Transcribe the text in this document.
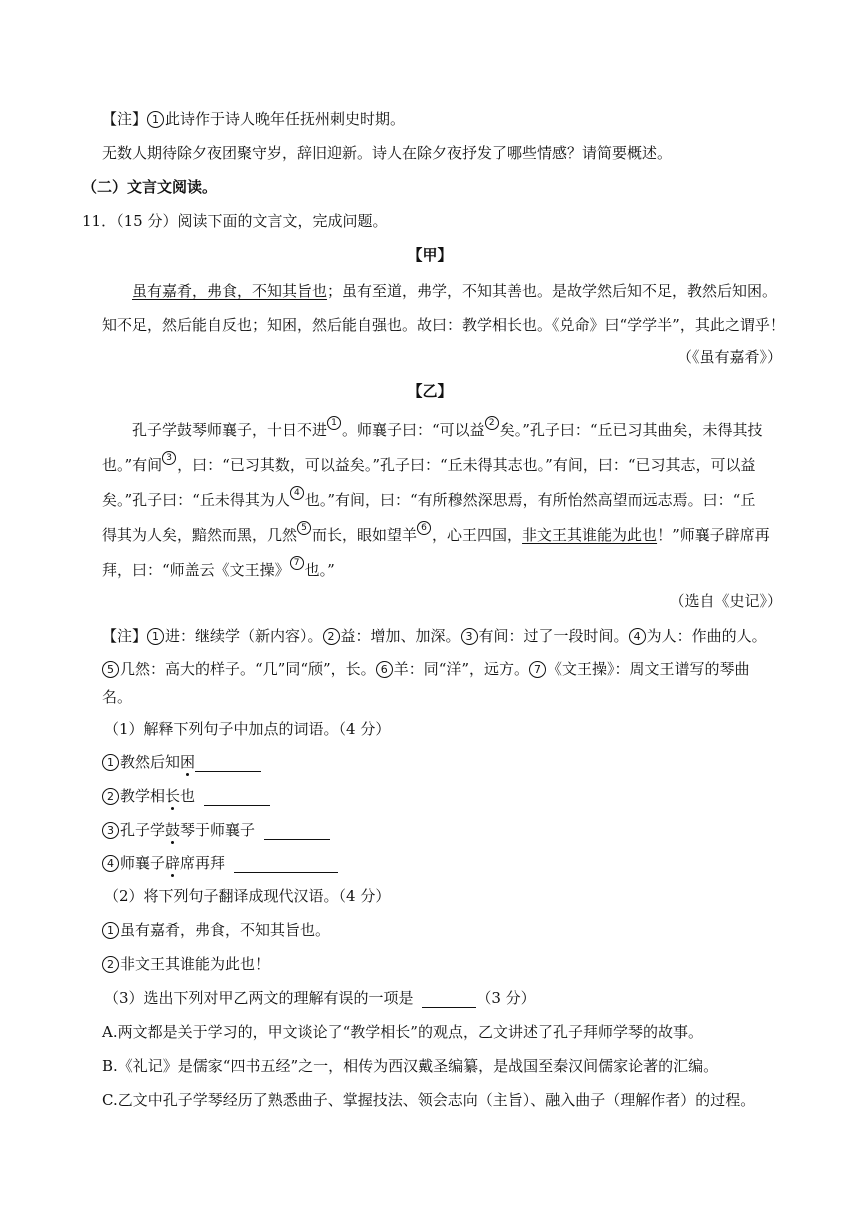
【注】 1 此诗作于诗人晚年任抚州刺史时期。
无数人期待除夕夜团聚守岁，辞旧迎新。诗人在除夕夜抒发了哪些情感？请简要概述。
（二）文言文阅读。
11．（15 分）阅读下面的文言文，完成问题。
【甲】
虽有嘉肴，弗食，不知其旨也；虽有至道，弗学，不知其善也。是故学然后知不足，教然后知困。
知不足，然后能自反也；知困，然后能自强也。故曰：教学相长也。《兑命》曰“学学半”，其此之谓乎！
（《虽有嘉肴》）
【乙】
孔子学鼓琴师襄子，十日不进 $^1$ 。师襄子曰：“可以益 $^2$ 矣。”孔子曰：“丘已习其曲矣，未得其技
也。”有间 $^3$ ，曰：“已习其数，可以益矣。”孔子曰：“丘未得其志也。”有间，曰：“已习其志，可以益
矣。”孔子曰：“丘未得其为人 $^4$ 也。”有间，曰：“有所穆然深思焉，有所怡然高望而远志焉。曰：“丘
得其为人矣，黯然而黑，几然 $^5$ 而长，眼如望羊 $^6$ ，心王四国，非文王其谁能为此也！”师襄子辟席再
拜，曰：“师盖云《文王操》 $^7$ 也。”
（选自《史记》）
【注】 1 进：继续学（新内容）。 2 益：增加、加深。 3 有间：过了一段时间。 4 为人：作曲的人。
5 几然：高大的样子。“几”同“颀”，长。 6 羊：同“洋”，远方。 7 《文王操》：周文王谱写的琴曲
名。
（1）解释下列句子中加点的词语。（4 分）
1 教然后知困
2 教学相长也
3 孔子学鼓琴于师襄子
4 师襄子辟席再拜
（2）将下列句子翻译成现代汉语。（4 分）
1 虽有嘉肴，弗食，不知其旨也。
2 非文王其谁能为此也！
（3）选出下列对甲乙两文的理解有误的一项是	（3 分）
A.两文都是关于学习的，甲文谈论了“教学相长”的观点，乙文讲述了孔子拜师学琴的故事。
B.《礼记》是儒家“四书五经”之一，相传为西汉戴圣编纂，是战国至秦汉间儒家论著的汇编。
C.乙文中孔子学琴经历了熟悉曲子、掌握技法、领会志向（主旨）、融入曲子（理解作者）的过程。
